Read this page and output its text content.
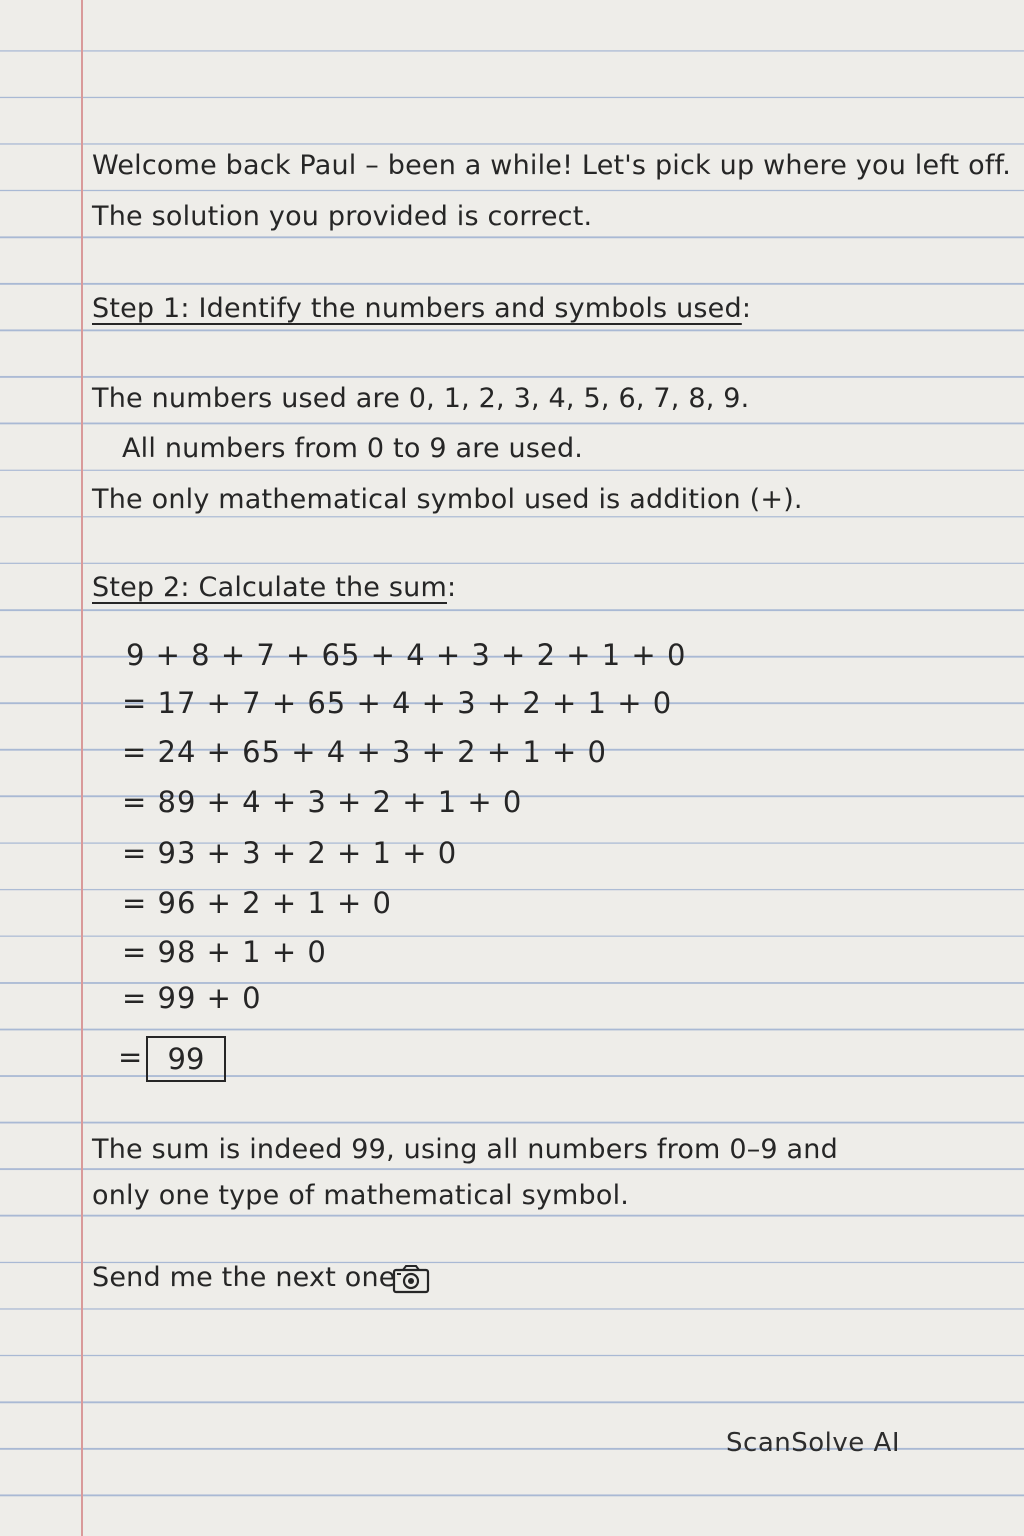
Welcome back Paul – been a while! Let's pick up where you left off.
The solution you provided is correct.
Step 1: Identify the numbers and symbols used:
The numbers used are 0, 1, 2, 3, 4, 5, 6, 7, 8, 9.
All numbers from 0 to 9 are used.
The only mathematical symbol used is addition (+).
Step 2: Calculate the sum:
9 + 8 + 7 + 65 + 4 + 3 + 2 + 1 + 0
= 17 + 7 + 65 + 4 + 3 + 2 + 1 + 0
= 24 + 65 + 4 + 3 + 2 + 1 + 0
= 89 + 4 + 3 + 2 + 1 + 0
= 93 + 3 + 2 + 1 + 0
= 96 + 2 + 1 + 0
= 98 + 1 + 0
= 99 + 0
= 99
The sum is indeed 99, using all numbers from 0–9 and
only one type of mathematical symbol.
Send me the next one
ScanSolve AI
